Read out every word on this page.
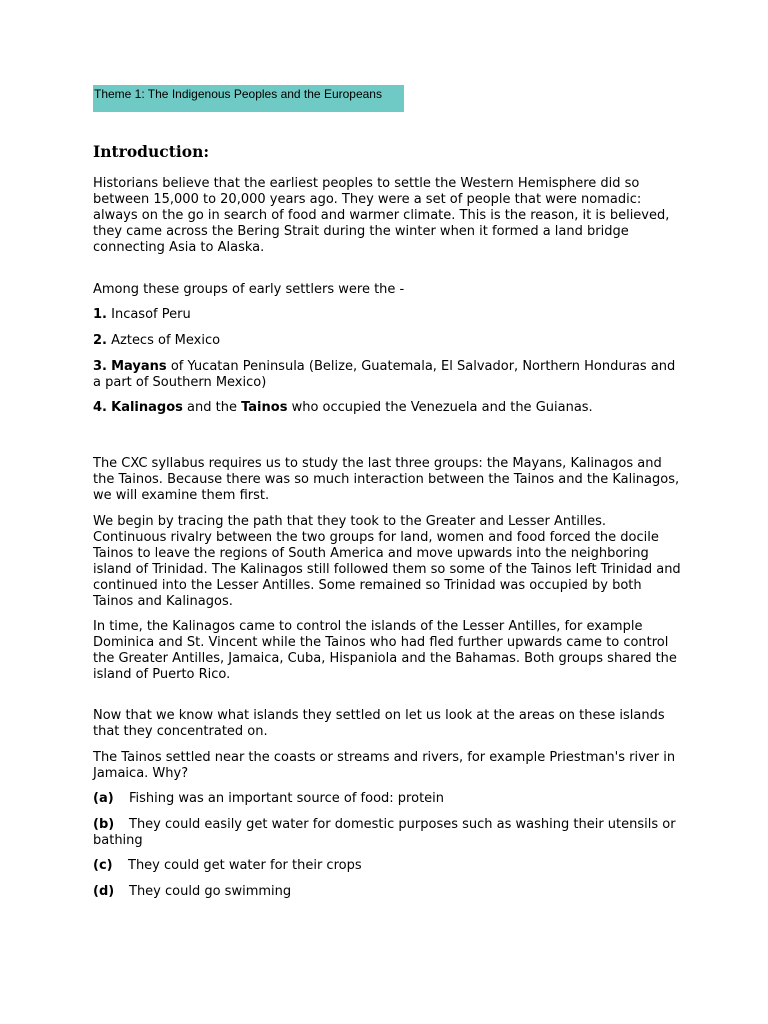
Theme 1: The Indigenous Peoples and the Europeans
Introduction:

Historians believe that the earliest peoples to settle the Western Hemisphere did so between 15,000 to 20,000 years ago. They were a set of people that were nomadic: always on the go in search of food and warmer climate. This is the reason, it is believed, they came across the Bering Strait during the winter when it formed a land bridge connecting Asia to Alaska.

Among these groups of early settlers were the -

1. Incasof Peru

2. Aztecs of Mexico

3. Mayans of Yucatan Peninsula (Belize, Guatemala, El Salvador, Northern Honduras and a part of Southern Mexico)

4. Kalinagos and the Tainos who occupied the Venezuela and the Guianas.

The CXC syllabus requires us to study the last three groups: the Mayans, Kalinagos and the Tainos. Because there was so much interaction between the Tainos and the Kalinagos, we will examine them first.

We begin by tracing the path that they took to the Greater and Lesser Antilles. Continuous rivalry between the two groups for land, women and food forced the docile Tainos to leave the regions of South America and move upwards into the neighboring island of Trinidad. The Kalinagos still followed them so some of the Tainos left Trinidad and continued into the Lesser Antilles. Some remained so Trinidad was occupied by both Tainos and Kalinagos.

In time, the Kalinagos came to control the islands of the Lesser Antilles, for example Dominica and St. Vincent while the Tainos who had fled further upwards came to control the Greater Antilles, Jamaica, Cuba, Hispaniola and the Bahamas. Both groups shared the island of Puerto Rico.

Now that we know what islands they settled on let us look at the areas on these islands that they concentrated on.

The Tainos settled near the coasts or streams and rivers, for example Priestman's river in Jamaica. Why?

(a) Fishing was an important source of food: protein

(b) They could easily get water for domestic purposes such as washing their utensils or bathing

(c) They could get water for their crops

(d) They could go swimming
